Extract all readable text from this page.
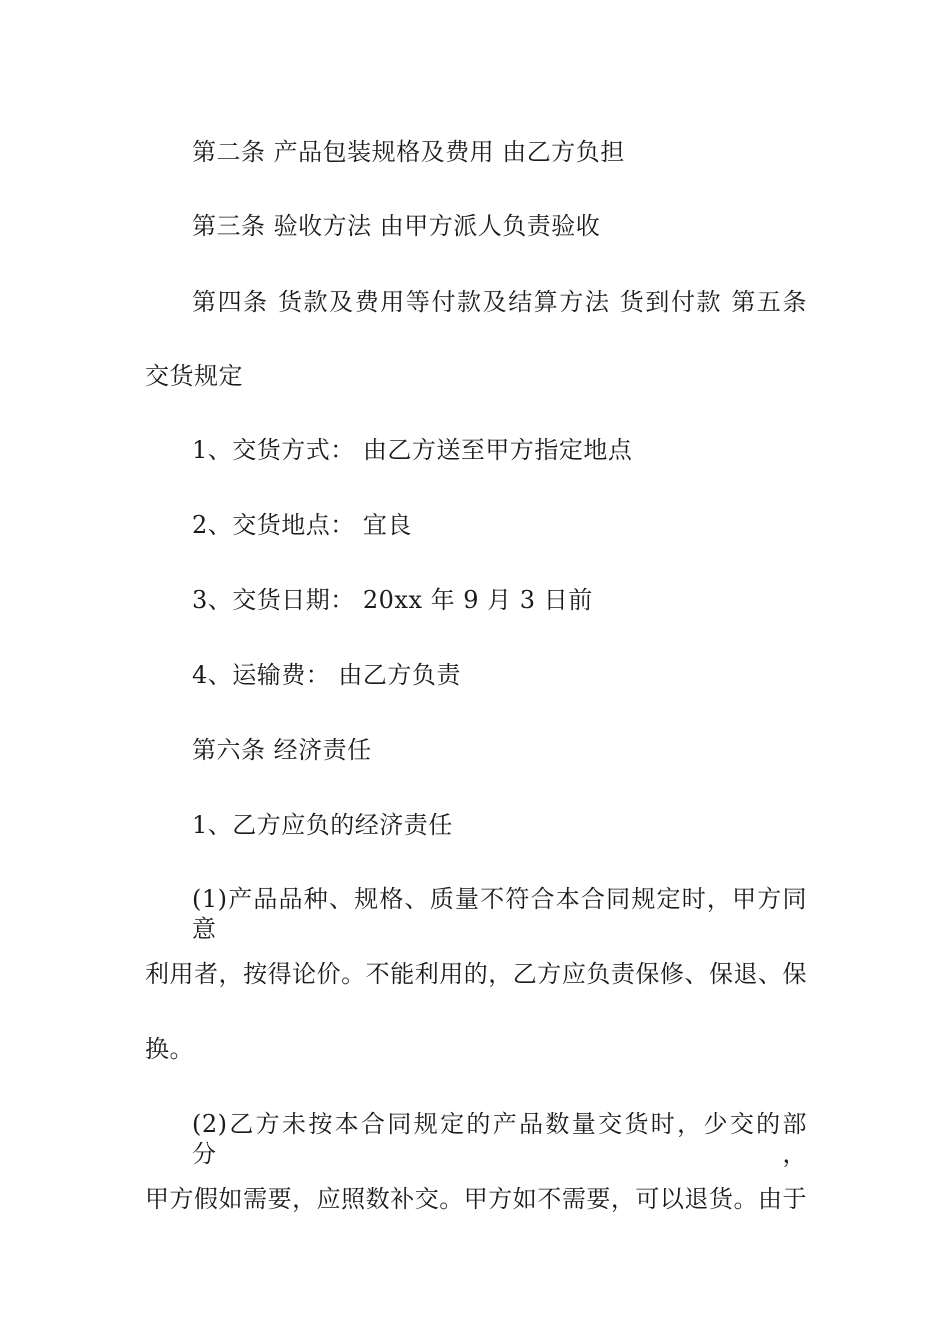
第二条 产品包装规格及费用 由乙方负担
第三条 验收方法 由甲方派人负责验收
第四条 货款及费用等付款及结算方法 货到付款 第五条
交货规定
1、交货方式： 由乙方送至甲方指定地点
2、交货地点： 宜良
3、交货日期： 20xx 年 9 月 3 日前
4、运输费： 由乙方负责
第六条 经济责任
1、乙方应负的经济责任
(1)产品品种、规格、质量不符合本合同规定时，甲方同意
利用者，按得论价。不能利用的，乙方应负责保修、保退、保
换。
(2)乙方未按本合同规定的产品数量交货时，少交的部分，
甲方假如需要，应照数补交。甲方如不需要，可以退货。由于
